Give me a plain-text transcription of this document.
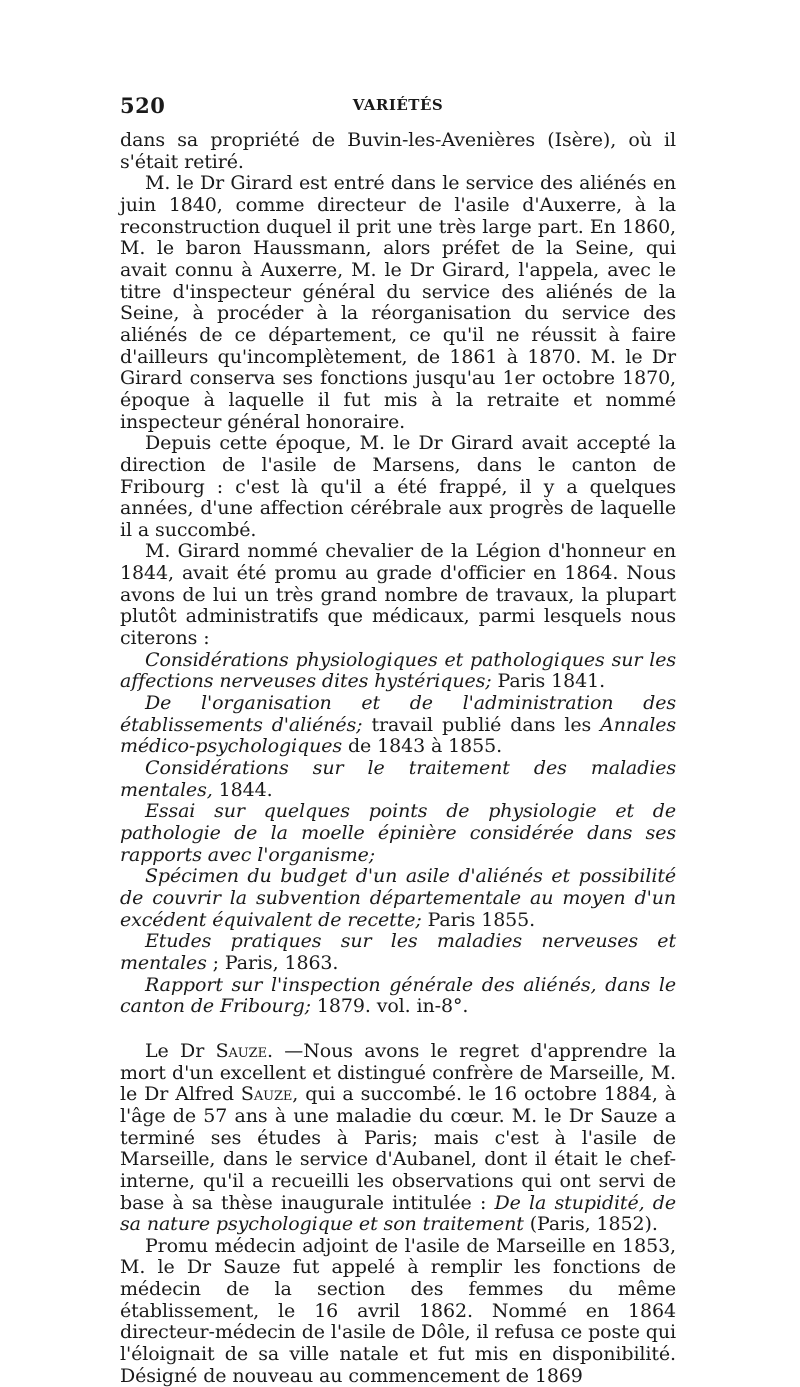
520	VARIÉTÉS

dans sa propriété de Buvin-les-Avenières (Isère), où il s'était retiré.

M. le Dr Girard est entré dans le service des aliénés en juin 1840, comme directeur de l'asile d'Auxerre, à la reconstruction duquel il prit une très large part. En 1860, M. le baron Haussmann, alors préfet de la Seine, qui avait connu à Auxerre, M. le Dr Girard, l'appela, avec le titre d'inspecteur général du service des aliénés de la Seine, à procéder à la réorganisation du service des aliénés de ce département, ce qu'il ne réussit à faire d'ailleurs qu'incomplètement, de 1861 à 1870. M. le Dr Girard conserva ses fonctions jusqu'au 1er octobre 1870, époque à laquelle il fut mis à la retraite et nommé inspecteur général honoraire.

Depuis cette époque, M. le Dr Girard avait accepté la direction de l'asile de Marsens, dans le canton de Fribourg : c'est là qu'il a été frappé, il y a quelques années, d'une affection cérébrale aux progrès de laquelle il a succombé.

M. Girard nommé chevalier de la Légion d'honneur en 1844, avait été promu au grade d'officier en 1864. Nous avons de lui un très grand nombre de travaux, la plupart plutôt administratifs que médicaux, parmi lesquels nous citerons :

Considérations physiologiques et pathologiques sur les affections nerveuses dites hystériques; Paris 1841.

De l'organisation et de l'administration des établissements d'aliénés; travail publié dans les Annales médico-psychologiques de 1843 à 1855.

Considérations sur le traitement des maladies mentales, 1844.

Essai sur quelques points de physiologie et de pathologie de la moelle épinière considérée dans ses rapports avec l'organisme;

Spécimen du budget d'un asile d'aliénés et possibilité de couvrir la subvention départementale au moyen d'un excédent équivalent de recette; Paris 1855.

Etudes pratiques sur les maladies nerveuses et mentales ; Paris, 1863.

Rapport sur l'inspection générale des aliénés, dans le canton de Fribourg; 1879. vol. in-8°.

Le Dr Sauze. —Nous avons le regret d'apprendre la mort d'un excellent et distingué confrère de Marseille, M. le Dr Alfred Sauze, qui a succombé. le 16 octobre 1884, à l'âge de 57 ans à une maladie du cœur. M. le Dr Sauze a terminé ses études à Paris; mais c'est à l'asile de Marseille, dans le service d'Aubanel, dont il était le chef-interne, qu'il a recueilli les observations qui ont servi de base à sa thèse inaugurale intitulée : De la stupidité, de sa nature psychologique et son traitement (Paris, 1852).

Promu médecin adjoint de l'asile de Marseille en 1853, M. le Dr Sauze fut appelé à remplir les fonctions de médecin de la section des femmes du même établissement, le 16 avril 1862. Nommé en 1864 directeur-médecin de l'asile de Dôle, il refusa ce poste qui l'éloignait de sa ville natale et fut mis en disponibilité. Désigné de nouveau au commencement de 1869
